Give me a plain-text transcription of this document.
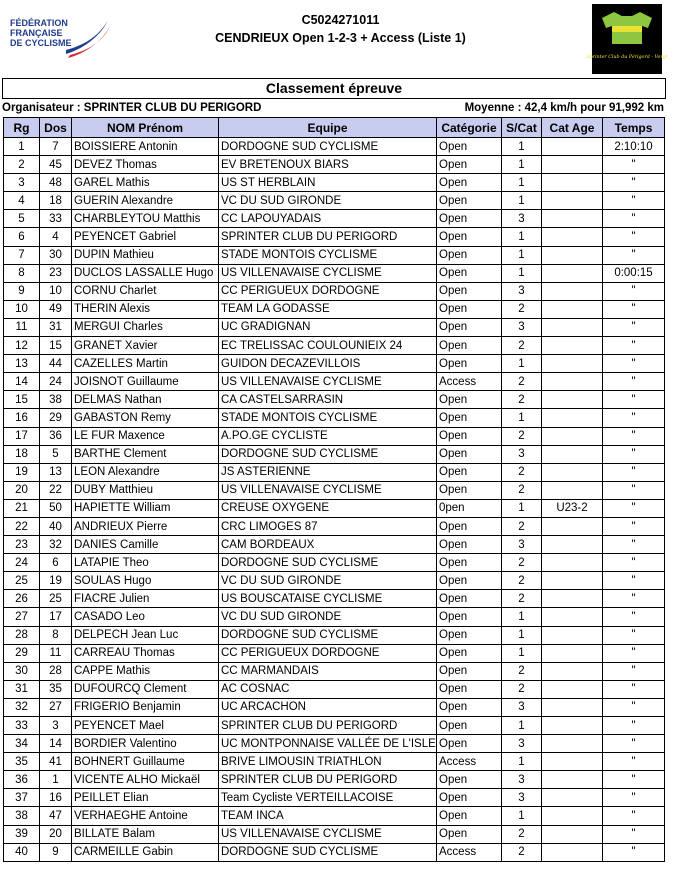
FÉDÉRATION
FRANÇAISE
DE CYCLISME
C5024271011
CENDRIEUX Open 1-2-3 + Access (Liste 1)
Sprinter Club du Périgord - Vergt
Classement épreuve
Organisateur : SPRINTER CLUB DU PERIGORD	Moyenne : 42,4 km/h pour 91,992 km
Rg	Dos	NOM Prénom	Equipe	Catégorie	S/Cat	Cat Age	Temps
1	7	BOISSIERE Antonin	DORDOGNE SUD CYCLISME	Open	1		2:10:10
2	45	DEVEZ Thomas	EV BRETENOUX BIARS	Open	1		"
3	48	GAREL Mathis	US ST HERBLAIN	Open	1		"
4	18	GUERIN Alexandre	VC DU SUD GIRONDE	Open	1		"
5	33	CHARBLEYTOU Matthis	CC LAPOUYADAIS	Open	3		"
6	4	PEYENCET Gabriel	SPRINTER CLUB DU PERIGORD	Open	1		"
7	30	DUPIN Mathieu	STADE MONTOIS CYCLISME	Open	1		"
8	23	DUCLOS LASSALLE Hugo	US VILLENAVAISE CYCLISME	Open	1		0:00:15
9	10	CORNU Charlet	CC PERIGUEUX DORDOGNE	Open	3		"
10	49	THERIN Alexis	TEAM LA GODASSE	Open	2		"
11	31	MERGUI Charles	UC GRADIGNAN	Open	3		"
12	15	GRANET Xavier	EC TRELISSAC COULOUNIEIX 24	Open	2		"
13	44	CAZELLES Martin	GUIDON DECAZEVILLOIS	Open	1		"
14	24	JOISNOT Guillaume	US VILLENAVAISE CYCLISME	Access	2		"
15	38	DELMAS Nathan	CA CASTELSARRASIN	Open	2		"
16	29	GABASTON Remy	STADE MONTOIS CYCLISME	Open	1		"
17	36	LE FUR Maxence	A.PO.GE CYCLISTE	Open	2		"
18	5	BARTHE Clement	DORDOGNE SUD CYCLISME	Open	3		"
19	13	LEON Alexandre	JS ASTERIENNE	Open	2		"
20	22	DUBY Matthieu	US VILLENAVAISE CYCLISME	Open	2		"
21	50	HAPIETTE William	CREUSE OXYGENE	0pen	1	U23-2	"
22	40	ANDRIEUX Pierre	CRC LIMOGES 87	Open	2		"
23	32	DANIES Camille	CAM BORDEAUX	Open	3		"
24	6	LATAPIE Theo	DORDOGNE SUD CYCLISME	Open	2		"
25	19	SOULAS Hugo	VC DU SUD GIRONDE	Open	2		"
26	25	FIACRE Julien	US BOUSCATAISE CYCLISME	Open	2		"
27	17	CASADO Leo	VC DU SUD GIRONDE	Open	1		"
28	8	DELPECH Jean Luc	DORDOGNE SUD CYCLISME	Open	1		"
29	11	CARREAU Thomas	CC PERIGUEUX DORDOGNE	Open	1		"
30	28	CAPPE Mathis	CC MARMANDAIS	Open	2		"
31	35	DUFOURCQ Clement	AC COSNAC	Open	2		"
32	27	FRIGERIO Benjamin	UC ARCACHON	Open	3		"
33	3	PEYENCET Mael	SPRINTER CLUB DU PERIGORD	Open	1		"
34	14	BORDIER Valentino	UC MONTPONNAISE VALLÉE DE L'ISLE	Open	3		"
35	41	BOHNERT Guillaume	BRIVE LIMOUSIN TRIATHLON	Access	1		"
36	1	VICENTE ALHO Mickaël	SPRINTER CLUB DU PERIGORD	Open	3		"
37	16	PEILLET Elian	Team Cycliste VERTEILLACOISE	Open	3		"
38	47	VERHAEGHE Antoine	TEAM INCA	Open	1		"
39	20	BILLATE Balam	US VILLENAVAISE CYCLISME	Open	2		"
40	9	CARMEILLE Gabin	DORDOGNE SUD CYCLISME	Access	2		"
